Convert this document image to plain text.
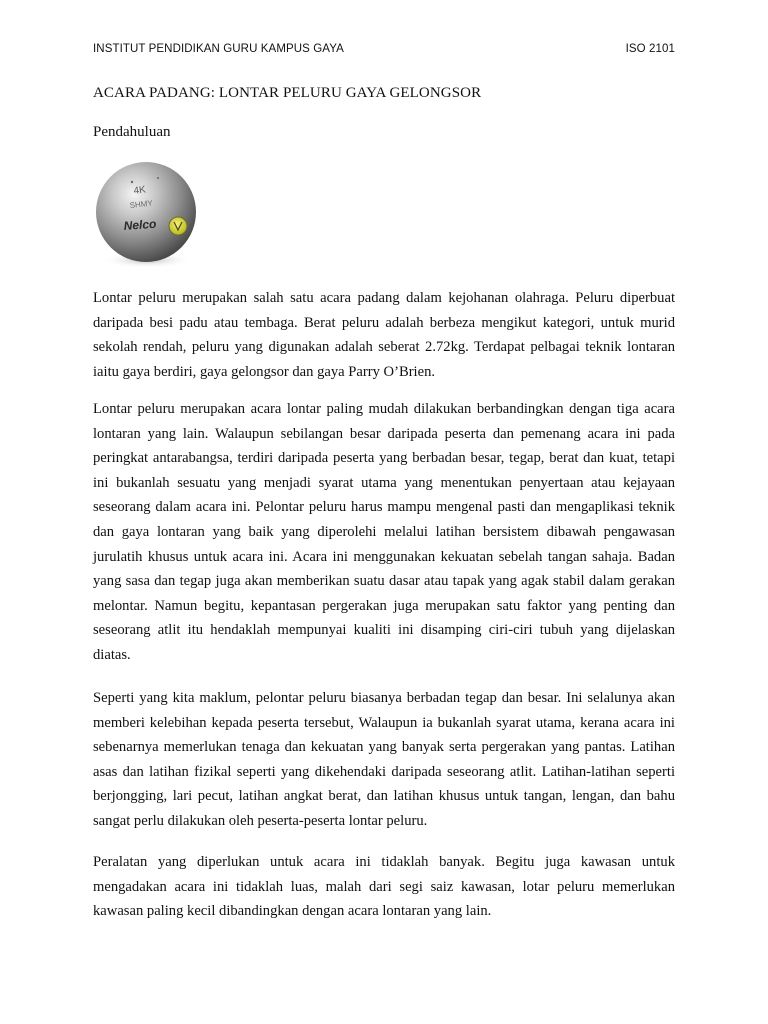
INSTITUT PENDIDIKAN GURU KAMPUS GAYA	ISO 2101
ACARA PADANG: LONTAR PELURU GAYA GELONGSOR
Pendahuluan
4K
SHMY
Nelco

Lontar peluru merupakan salah satu acara padang dalam kejohanan olahraga. Peluru diperbuat daripada besi padu atau tembaga. Berat peluru adalah berbeza mengikut kategori, untuk murid sekolah rendah, peluru yang digunakan adalah seberat 2.72kg. Terdapat pelbagai teknik lontaran iaitu gaya berdiri, gaya gelongsor dan gaya Parry O’Brien.

Lontar peluru merupakan acara lontar paling mudah dilakukan berbandingkan dengan tiga acara lontaran yang lain. Walaupun sebilangan besar daripada peserta dan pemenang acara ini pada peringkat antarabangsa, terdiri daripada peserta yang berbadan besar, tegap, berat dan kuat, tetapi ini bukanlah sesuatu yang menjadi syarat utama yang menentukan penyertaan atau kejayaan seseorang dalam acara ini. Pelontar peluru harus mampu mengenal pasti dan mengaplikasi teknik dan gaya lontaran yang baik yang diperolehi melalui latihan bersistem dibawah pengawasan jurulatih khusus untuk acara ini. Acara ini menggunakan kekuatan sebelah tangan sahaja. Badan yang sasa dan tegap juga akan memberikan suatu dasar atau tapak yang agak stabil dalam gerakan melontar. Namun begitu, kepantasan pergerakan juga merupakan satu faktor yang penting dan seseorang atlit itu hendaklah mempunyai kualiti ini disamping ciri-ciri tubuh yang dijelaskan diatas.

Seperti yang kita maklum, pelontar peluru biasanya berbadan tegap dan besar. Ini selalunya akan memberi kelebihan kepada peserta tersebut, Walaupun ia bukanlah syarat utama, kerana acara ini sebenarnya memerlukan tenaga dan kekuatan yang banyak serta pergerakan yang pantas. Latihan asas dan latihan fizikal seperti yang dikehendaki daripada seseorang atlit. Latihan-latihan seperti berjongging, lari pecut, latihan angkat berat, dan latihan khusus untuk tangan, lengan, dan bahu sangat perlu dilakukan oleh peserta-peserta lontar peluru.

Peralatan yang diperlukan untuk acara ini tidaklah banyak. Begitu juga kawasan untuk mengadakan acara ini tidaklah luas, malah dari segi saiz kawasan, lotar peluru memerlukan kawasan paling kecil dibandingkan dengan acara lontaran yang lain.
